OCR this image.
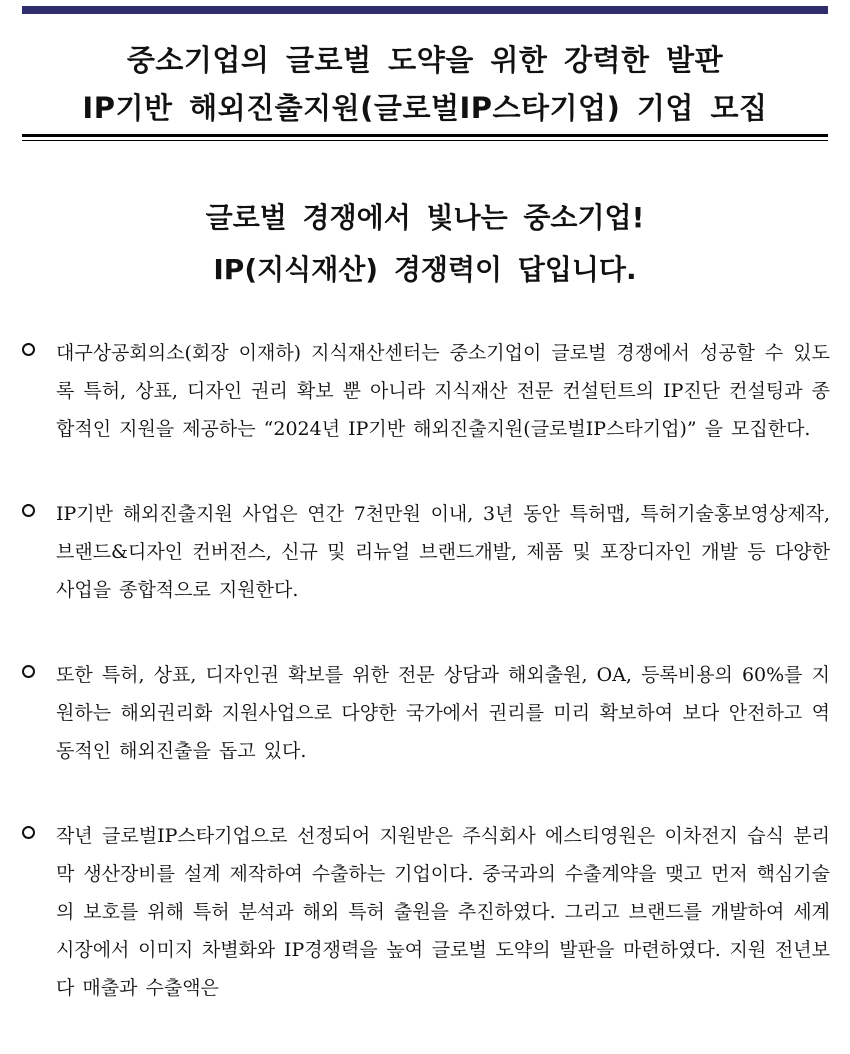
중소기업의 글로벌 도약을 위한 강력한 발판

IP기반 해외진출지원(글로벌IP스타기업) 기업 모집

글로벌 경쟁에서 빛나는 중소기업!

IP(지식재산) 경쟁력이 답입니다.

대구상공회의소(회장 이재하) 지식재산센터는 중소기업이 글로벌 경쟁에서 성공할 수 있도록 특허, 상표, 디자인 권리 확보 뿐 아니라 지식재산 전문 컨설턴트의 IP진단 컨설팅과 종합적인 지원을 제공하는 “2024년 IP기반 해외진출지원(글로벌IP스타기업)” 을 모집한다.

IP기반 해외진출지원 사업은 연간 7천만원 이내, 3년 동안 특허맵, 특허기술홍보영상제작, 브랜드&디자인 컨버전스, 신규 및 리뉴얼 브랜드개발, 제품 및 포장디자인 개발 등 다양한 사업을 종합적으로 지원한다.

또한 특허, 상표, 디자인권 확보를 위한 전문 상담과 해외출원, OA, 등록비용의 60%를 지원하는 해외권리화 지원사업으로 다양한 국가에서 권리를 미리 확보하여 보다 안전하고 역동적인 해외진출을 돕고 있다.

작년 글로벌IP스타기업으로 선정되어 지원받은 주식회사 에스티영원은 이차전지 습식 분리막 생산장비를 설계 제작하여 수출하는 기업이다. 중국과의 수출계약을 맺고 먼저 핵심기술의 보호를 위해 특허 분석과 해외 특허 출원을 추진하였다. 그리고 브랜드를 개발하여 세계 시장에서 이미지 차별화와 IP경쟁력을 높여 글로벌 도약의 발판을 마련하였다. 지원 전년보다 매출과 수출액은
